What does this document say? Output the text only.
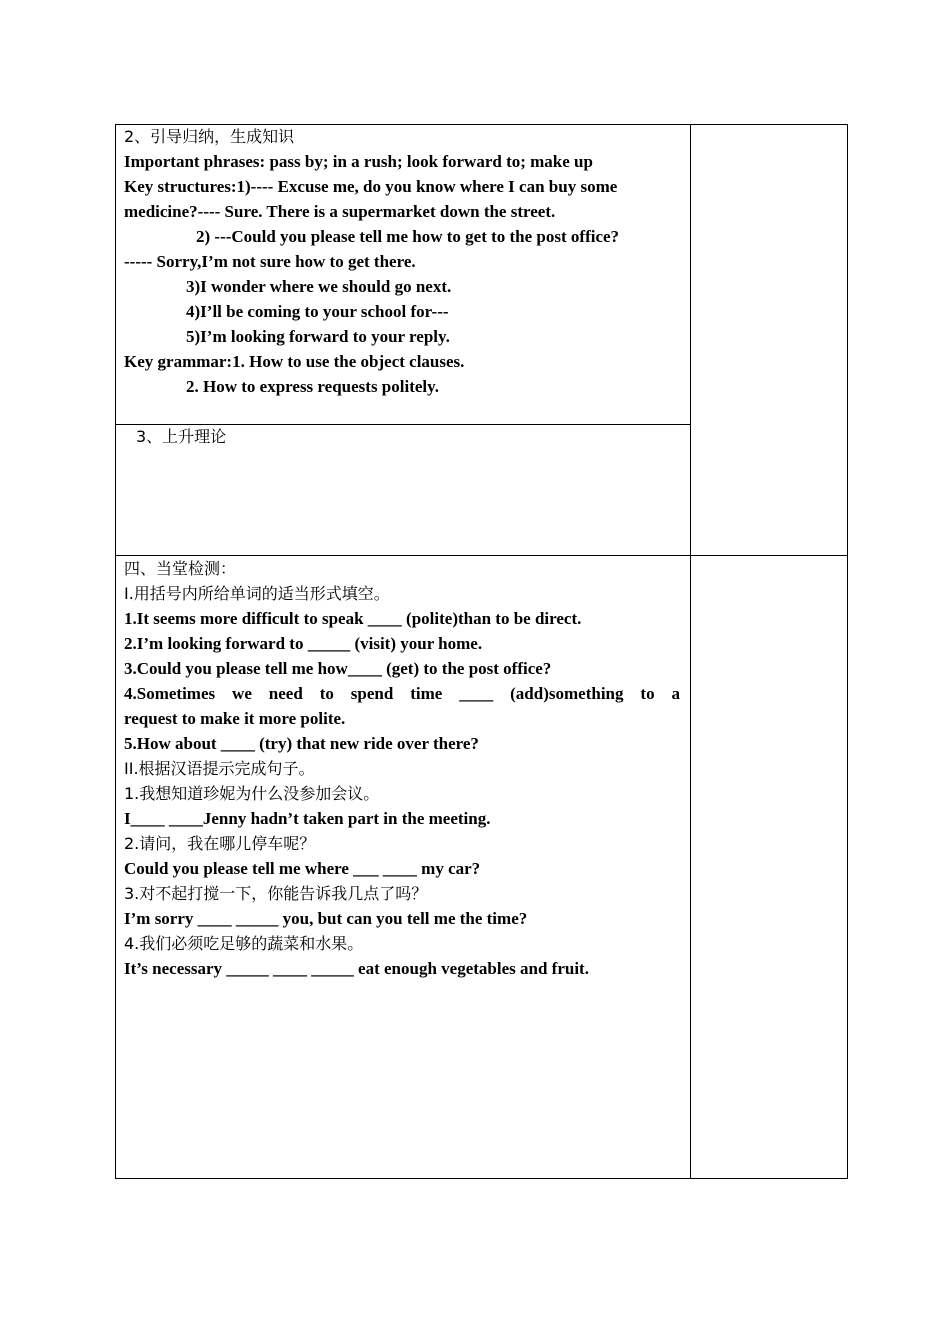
2、引导归纳，生成知识
Important phrases: pass by; in a rush; look forward to; make up
Key structures:1)---- Excuse me, do you know where I can buy some
medicine?---- Sure. There is a supermarket down the street.
2) ---Could you please tell me how to get to the post office?
----- Sorry,I’m not sure how to get there.
3)I wonder where we should go next.
4)I’ll be coming to your school for---
5)I’m looking forward to your reply.
Key grammar:1. How to use the object clauses.
2. How to express requests politely.
3、上升理论
四、当堂检测：
I.用括号内所给单词的适当形式填空。
1.It seems more difficult to speak ____ (polite)than to be direct.
2.I’m looking forward to _____ (visit) your home.
3.Could you please tell me how____ (get) to the post office?
4.Sometimes we need to spend time ____ (add)something to a
request to make it more polite.
5.How about ____ (try) that new ride over there?
II.根据汉语提示完成句子。
1.我想知道珍妮为什么没参加会议。
I____ ____Jenny hadn’t taken part in the meeting.
2.请问，我在哪儿停车呢？
Could you please tell me where ___ ____ my car?
3.对不起打搅一下，你能告诉我几点了吗？
I’m sorry ____ _____ you, but can you tell me the time?
4.我们必须吃足够的蔬菜和水果。
It’s necessary _____ ____ _____ eat enough vegetables and fruit.
